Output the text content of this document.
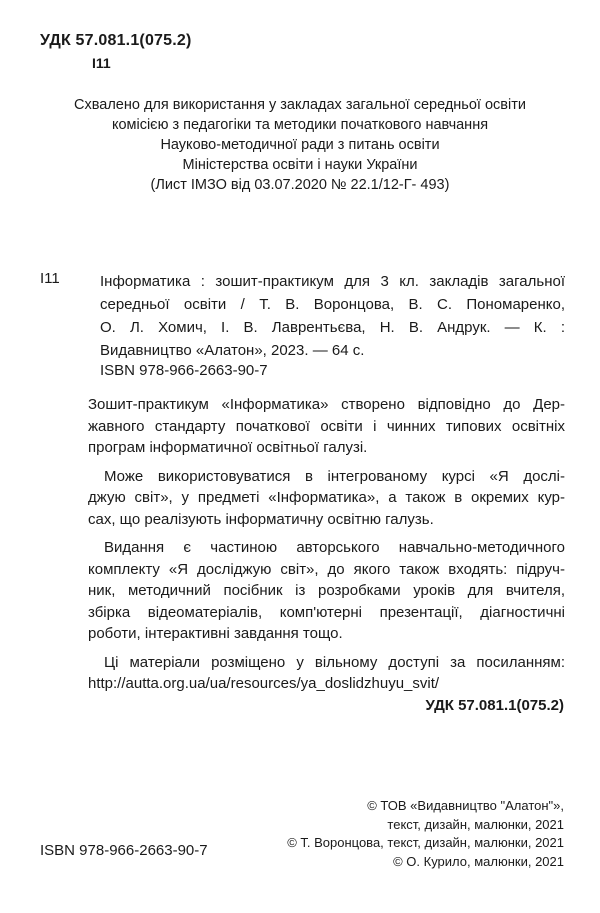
УДК 57.081.1(075.2)
І11
Схвалено для використання у закладах загальної середньої освіти
комісією з педагогіки та методики початкового навчання
Науково-методичної ради з питань освіти
Міністерства освіти і науки України
(Лист ІМЗО від 03.07.2020 № 22.1/12-Г- 493)
І11	Інформатика : зошит-практикум для 3 кл. закладів загальної
середньої освіти / Т. В. Воронцова, В. С. Пономаренко,
О. Л. Хомич, І. В. Лаврентьєва, Н. В. Андрук. — К. :
Видавництво «Алатон», 2023. — 64 с.
ISBN 978-966-2663-90-7
Зошит-практикум «Інформатика» створено відповідно до Дер-
жавного стандарту початкової освіти і чинних типових освітніх
програм інформатичної освітньої галузі.
Може використовуватися в інтегрованому курсі «Я дослі-
джую світ», у предметі «Інформатика», а також в окремих кур-
сах, що реалізують інформатичну освітню галузь.
Видання є частиною авторського навчально-методичного
комплекту «Я досліджую світ», до якого також входять: підруч-
ник, методичний посібник із розробками уроків для вчителя,
збірка відеоматеріалів, комп'ютерні презентації, діагностичні
роботи, інтерактивні завдання тощо.
Ці матеріали розміщено у вільному доступі за посиланням:
http://autta.org.ua/ua/resources/ya_doslidzhuyu_svit/
УДК 57.081.1(075.2)
© ТОВ «Видавництво "Алатон"»,
текст, дизайн, малюнки, 2021
© Т. Воронцова, текст, дизайн, малюнки, 2021
© О. Курило, малюнки, 2021
ISBN 978-966-2663-90-7
